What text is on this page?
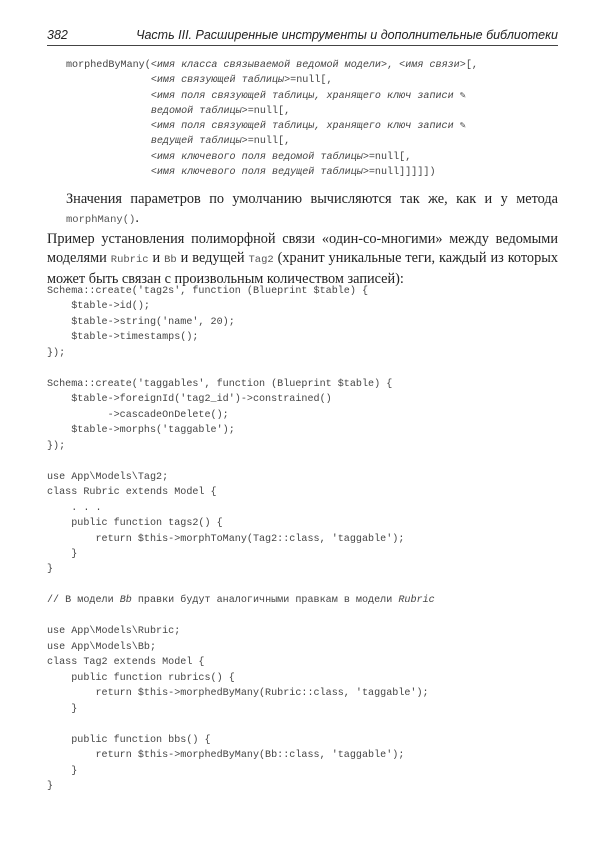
382	Часть III. Расширенные инструменты и дополнительные библиотеки
morphedByMany(<имя класса связываемой ведомой модели>, <имя связи>[,
<имя связующей таблицы>=null[,
<имя поля связующей таблицы, хранящего ключ записи ✎
ведомой таблицы>=null[,
<имя поля связующей таблицы, хранящего ключ записи ✎
ведущей таблицы>=null[,
<имя ключевого поля ведомой таблицы>=null[,
<имя ключевого поля ведущей таблицы>=null]]]]])
Значения параметров по умолчанию вычисляются так же, как и у метода morphMany().
Пример установления полиморфной связи «один-со-многими» между ведомыми моделями Rubric и Bb и ведущей Tag2 (хранит уникальные теги, каждый из которых может быть связан с произвольным количеством записей):
Schema::create('tag2s', function (Blueprint $table) {
$table->id();
$table->string('name', 20);
$table->timestamps();
});

Schema::create('taggables', function (Blueprint $table) {
$table->foreignId('tag2_id')->constrained()
->cascadeOnDelete();
$table->morphs('taggable');
});

use App\Models\Tag2;
class Rubric extends Model {
. . .
public function tags2() {
return $this->morphToMany(Tag2::class, 'taggable');
}
}

// В модели Bb правки будут аналогичными правкам в модели Rubric

use App\Models\Rubric;
use App\Models\Bb;
class Tag2 extends Model {
public function rubrics() {
return $this->morphedByMany(Rubric::class, 'taggable');
}

public function bbs() {
return $this->morphedByMany(Bb::class, 'taggable');
}
}
